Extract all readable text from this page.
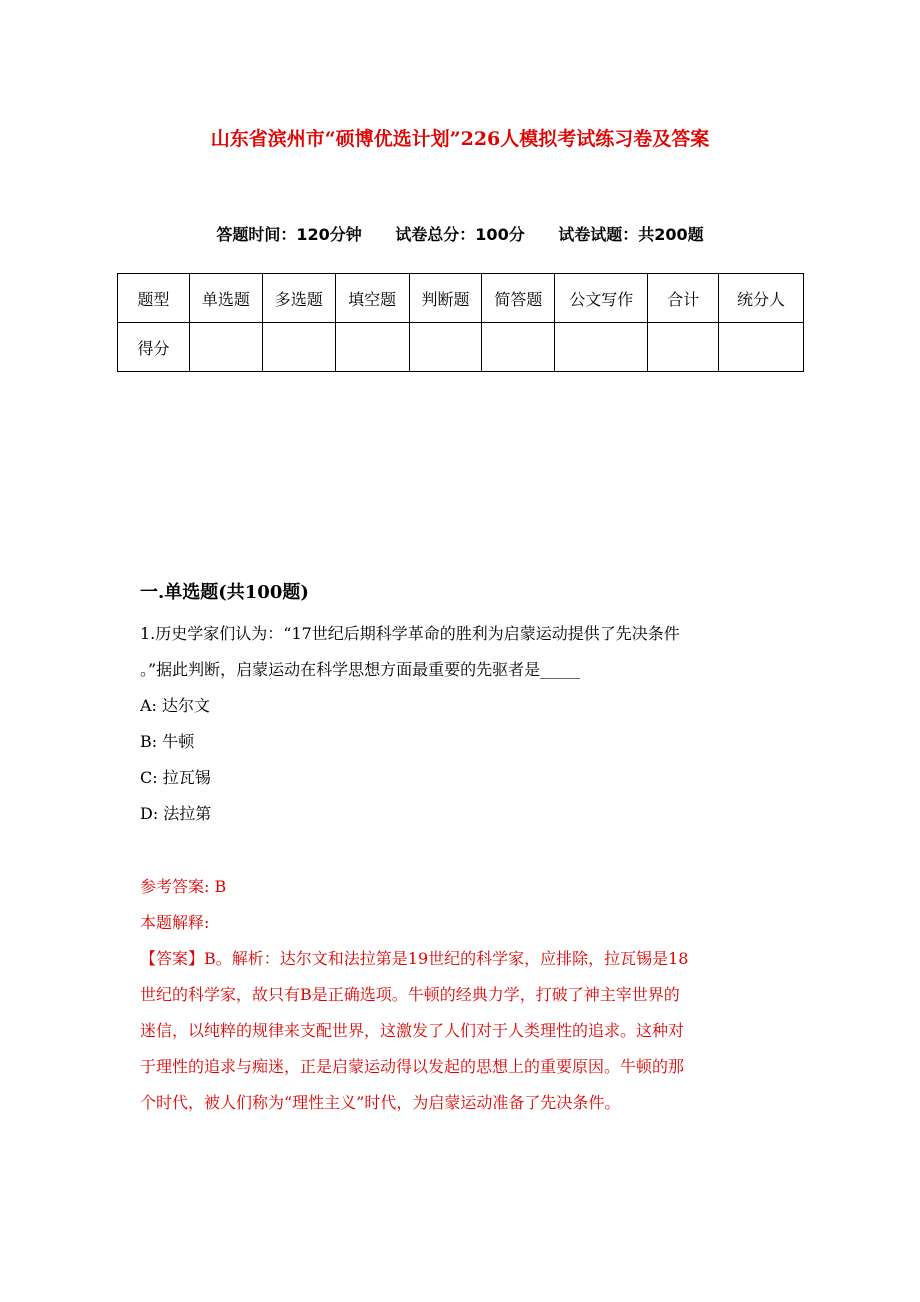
山东省滨州市“硕博优选计划”226人模拟考试练习卷及答案
答题时间：120分钟 试卷总分：100分 试卷试题：共200题
题型	单选题	多选题	填空题	判断题	简答题	公文写作	合计	统分人
得分								
一.单选题(共100题)
1.历史学家们认为：“17世纪后期科学革命的胜利为启蒙运动提供了先决条件
。”据此判断，启蒙运动在科学思想方面最重要的先驱者是_____
A: 达尔文
B: 牛顿
C: 拉瓦锡
D: 法拉第
参考答案: B
本题解释:
【答案】B。解析：达尔文和法拉第是19世纪的科学家，应排除，拉瓦锡是18
世纪的科学家，故只有B是正确选项。牛顿的经典力学，打破了神主宰世界的
迷信，以纯粹的规律来支配世界，这激发了人们对于人类理性的追求。这种对
于理性的追求与痴迷，正是启蒙运动得以发起的思想上的重要原因。牛顿的那
个时代，被人们称为“理性主义”时代，为启蒙运动准备了先决条件。
